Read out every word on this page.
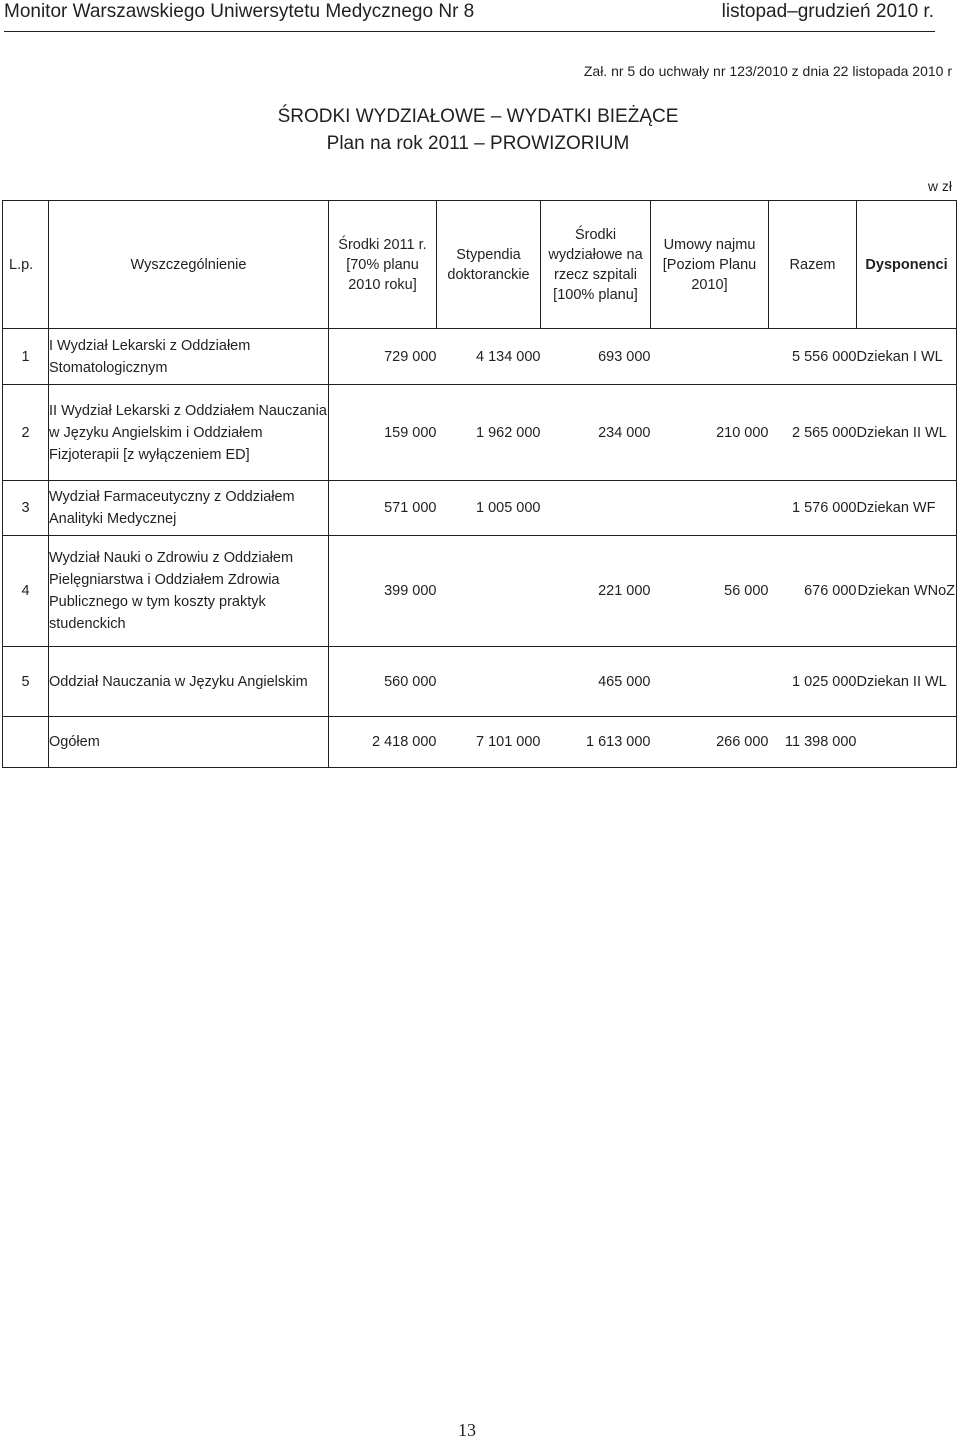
Monitor Warszawskiego Uniwersytetu Medycznego Nr 8	listopad–grudzień 2010 r.
Zał. nr 5 do uchwały nr 123/2010 z dnia 22 listopada 2010 r
ŚRODKI WYDZIAŁOWE – WYDATKI BIEŻĄCE
Plan na rok 2011 – PROWIZORIUM
w zł
L.p.	Wyszczególnienie	Środki 2011 r. [70% planu 2010 roku]	Stypendia doktoranckie	Środki wydziałowe na rzecz szpitali [100% planu]	Umowy najmu [Poziom Planu 2010]	Razem	Dysponenci
1	I Wydział Lekarski z Oddziałem Stomatologicznym	729 000	4 134 000	693 000		5 556 000	Dziekan I WL
2	II Wydział Lekarski z Oddziałem Nauczania w Języku Angielskim i Oddziałem Fizjoterapii [z wyłączeniem ED]	159 000	1 962 000	234 000	210 000	2 565 000	Dziekan II WL
3	Wydział Farmaceutyczny z Oddziałem Analityki Medycznej	571 000	1 005 000			1 576 000	Dziekan WF
4	Wydział Nauki o Zdrowiu z Oddziałem Pielęgniarstwa i Oddziałem Zdrowia Publicznego w tym koszty praktyk studenckich	399 000		221 000	56 000	676 000	Dziekan WNoZ
5	Oddział Nauczania w Języku Angielskim	560 000		465 000		1 025 000	Dziekan II WL
	Ogółem	2 418 000	7 101 000	1 613 000	266 000	11 398 000	
13
